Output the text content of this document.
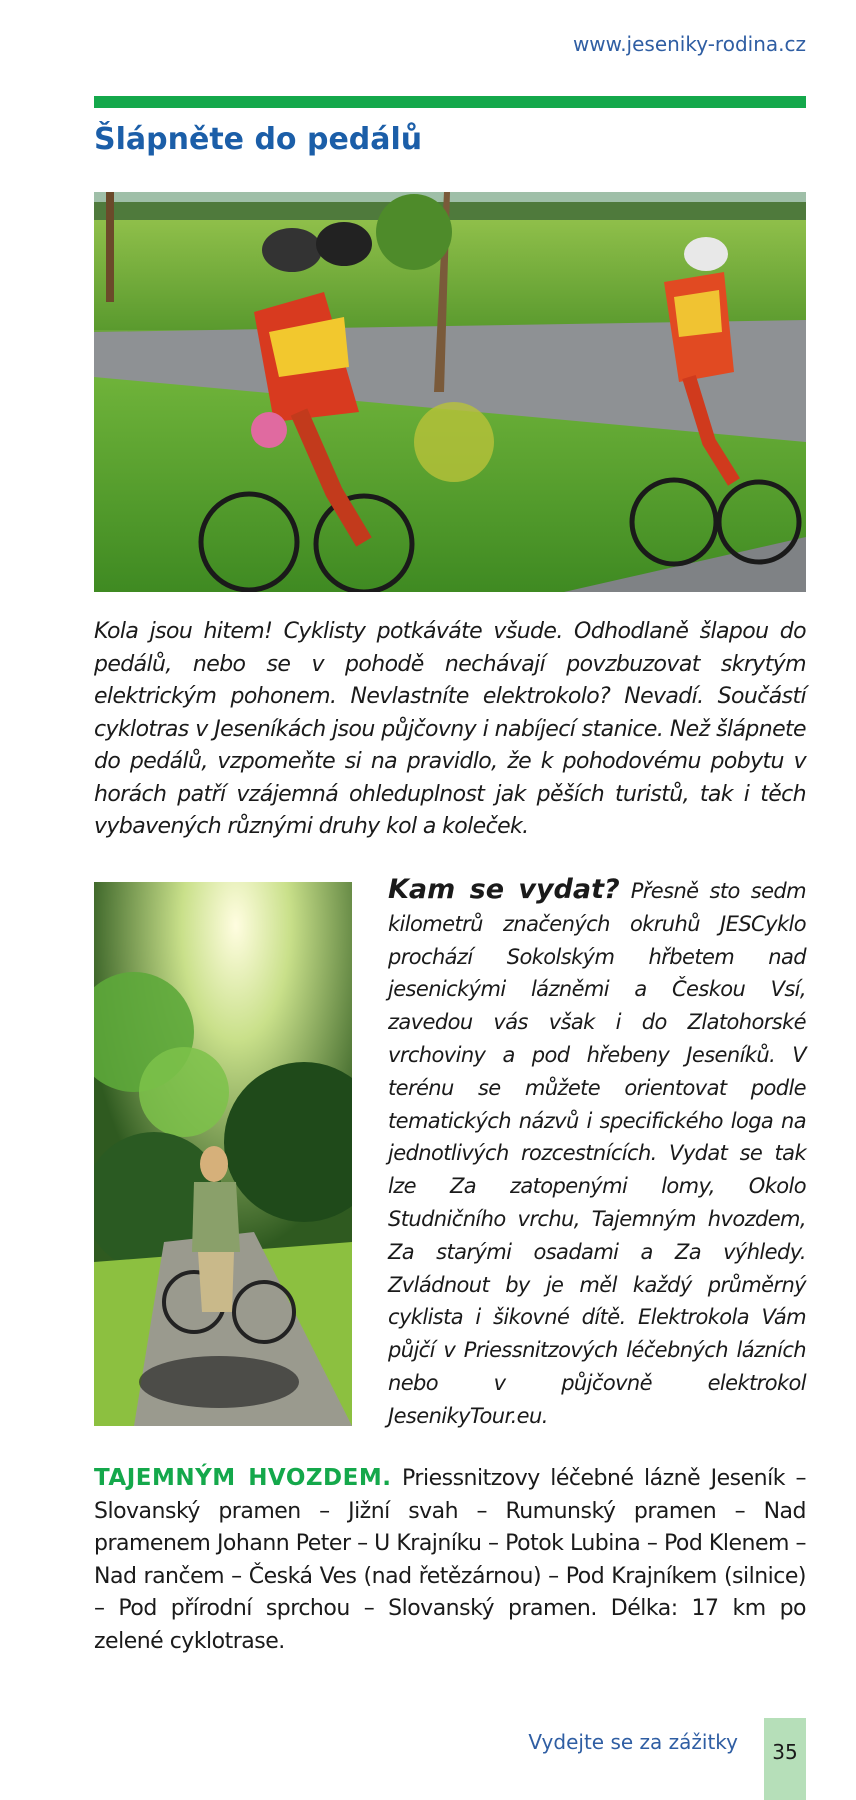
www.jeseniky-rodina.cz
Šlápněte do pedálů

Kola jsou hitem! Cyklisty potkáváte všude. Odhodlaně šlapou do pedálů, nebo se v pohodě nechávají povzbuzovat skrytým elektrickým pohonem. Nevlastníte elektrokolo? Nevadí. Součástí cyklotras v Jeseníkách jsou půjčovny i nabíjecí stanice. Než šlápnete do pedálů, vzpomeňte si na pravidlo, že k pohodovému pobytu v horách patří vzájemná ohleduplnost jak pěších turistů, tak i těch vybavených různými druhy kol a koleček.

Kam se vydat? Přesně sto sedm kilometrů značených okruhů JESCyklo prochází Sokolským hřbetem nad jesenickými lázněmi a Českou Vsí, zavedou vás však i do Zlatohorské vrchoviny a pod hřebeny Jeseníků. V terénu se můžete orientovat podle tematických názvů i specifického loga na jednotlivých rozcestnících. Vydat se tak lze Za zatopenými lomy, Okolo Studničního vrchu, Tajemným hvozdem, Za starými osadami a Za výhledy. Zvládnout by je měl každý průměrný cyklista i šikovné dítě. Elektrokola Vám půjčí v Priessnitzových léčebných lázních nebo v půjčovně elektrokol JesenikyTour.eu.

TAJEMNÝM HVOZDEM. Priessnitzovy léčebné lázně Jeseník – Slovanský pramen – Jižní svah – Rumunský pramen – Nad pramenem Johann Peter – U Krajníku – Potok Lubina – Pod Klenem – Nad rančem – Česká Ves (nad řetězárnou) – Pod Krajníkem (silnice) – Pod přírodní sprchou – Slovanský pramen. Délka: 17 km po zelené cyklotrase.

Vydejte se za zážitky	35
